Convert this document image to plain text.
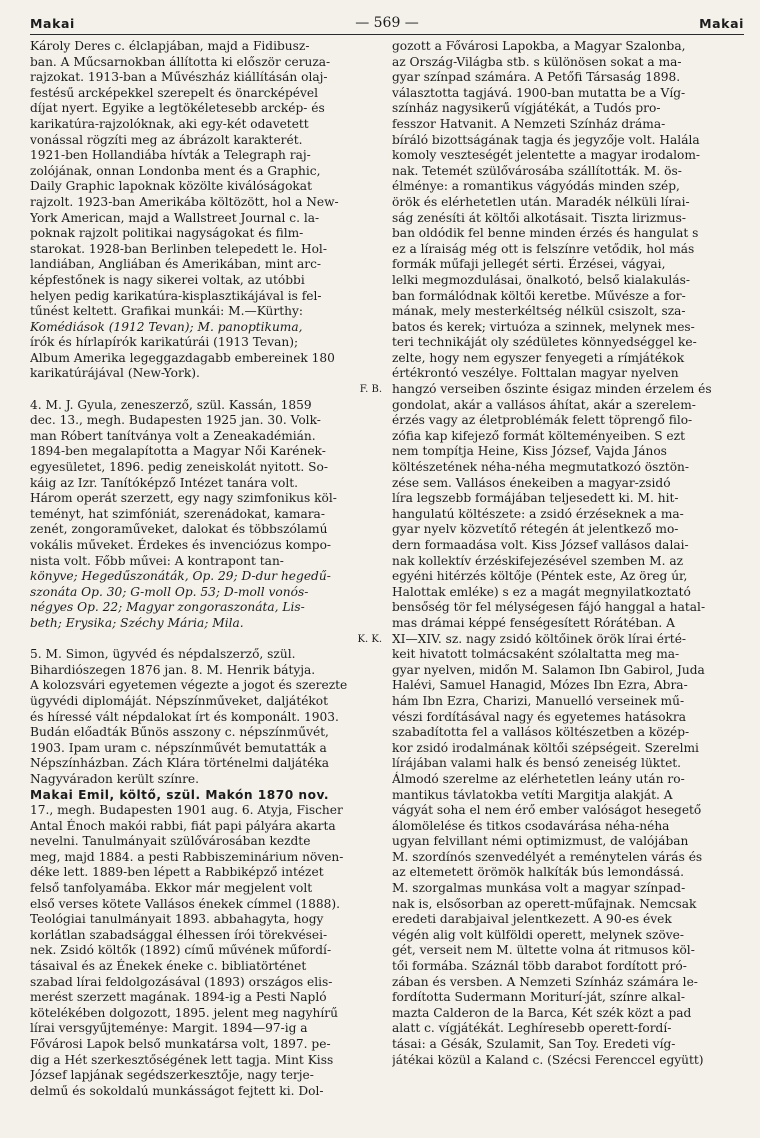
Makai	— 569 —	Makai
Károly Deres c. élclapjában, majd a Fidibusz-
ban. A Műcsarnokban állította ki először ceruza-
rajzokat. 1913-ban a Művészház kiállításán olaj-
festésű arcképekkel szerepelt és önarcképével
díjat nyert. Egyike a legtökéletesebb arckép- és
karikatúra-rajzolóknak, aki egy-két odavetett
vonással rögzíti meg az ábrázolt karakterét.
1921-ben Hollandiába hívták a Telegraph raj-
zolójának, onnan Londonba ment és a Graphic,
Daily Graphic lapoknak közölte kiválóságokat
rajzolt. 1923-ban Amerikába költözött, hol a New-
York American, majd a Wallstreet Journal c. la-
poknak rajzolt politikai nagyságokat és film-
starokat. 1928-ban Berlinben telepedett le. Hol-
landiában, Angliában és Amerikában, mint arc-
képfestőnek is nagy sikerei voltak, az utóbbi
helyen pedig karikatúra-kisplasztikájával is fel-
tűnést keltett. Grafikai munkái: M.—Kürthy:
Komédiások (1912 Tevan); M. panoptikuma,
írók és hírlapírók karikatúrái (1913 Tevan);
Album Amerika legeggazdagabb embereinek 180
karikatúrájával (New-York).
F. B.
4. M. J. Gyula, zeneszerző, szül. Kassán, 1859
dec. 13., megh. Budapesten 1925 jan. 30. Volk-
man Róbert tanítványa volt a Zeneakadémián.
1894-ben megalapította a Magyar Női Karének-
egyesületet, 1896. pedig zeneiskolát nyitott. So-
káig az Izr. Tanítóképző Intézet tanára volt.
Három operát szerzett, egy nagy szimfonikus köl-
teményt, hat szimfóniát, szerenádokat, kamara-
zenét, zongoraműveket, dalokat és többszólamú
vokális műveket. Érdekes és invenciózus kompo-
nista volt. Főbb művei: A kontrapont tan-
könyve; Hegedűszonáták, Op. 29; D-dur hegedű-
szonáta Op. 30; G-moll Op. 53; D-moll vonós-
négyes Op. 22; Magyar zongoraszonáta, Lis-
beth; Erysika; Széchy Mária; Mila.
K. K.
5. M. Simon, ügyvéd és népdalszerző, szül.
Bihardiószegen 1876 jan. 8. M. Henrik bátyja.
A kolozsvári egyetemen végezte a jogot és szerezte
ügyvédi diplomáját. Népszínműveket, daljátékot
és híressé vált népdalokat írt és komponált. 1903.
Budán előadták Bűnös asszony c. népszínművét,
1903. Ipam uram c. népszínművét bemutatták a
Népszínházban. Zách Klára történelmi daljátéka
Nagyváradon került színre.
Makai Emil, költő, szül. Makón 1870 nov.
17., megh. Budapesten 1901 aug. 6. Atyja, Fischer
Antal Énoch makói rabbi, fiát papi pályára akarta
nevelni. Tanulmányait szülővárosában kezdte
meg, majd 1884. a pesti Rabbiszeminárium növen-
déke lett. 1889-ben lépett a Rabbiképző intézet
felső tanfolyamába. Ekkor már megjelent volt
első verses kötete Vallásos énekek címmel (1888).
Teológiai tanulmányait 1893. abbahagyta, hogy
korlátlan szabadsággal élhessen írói törekvései-
nek. Zsidó költők (1892) című művének műfordí-
tásaival és az Énekek éneke c. bibliatörténet
szabad lírai feldolgozásával (1893) országos elis-
merést szerzett magának. 1894-ig a Pesti Napló
kötelékében dolgozott, 1895. jelent meg nagyhírű
lírai versgyűjteménye: Margit. 1894—97-ig a
Fővárosi Lapok belső munkatársa volt, 1897. pe-
dig a Hét szerkesztőségének lett tagja. Mint Kiss
József lapjának segédszerkesztője, nagy terje-
delmű és sokoldalú munkásságot fejtett ki. Dol-
gozott a Fővárosi Lapokba, a Magyar Szalonba,
az Ország-Világba stb. s különösen sokat a ma-
gyar színpad számára. A Petőfi Társaság 1898.
választotta tagjává. 1900-ban mutatta be a Víg-
színház nagysikerű vígjátékát, a Tudós pro-
fesszor Hatvanit. A Nemzeti Színház dráma-
bíráló bizottságának tagja és jegyzője volt. Halála
komoly veszteségét jelentette a magyar irodalom-
nak. Tetemét szülővárosába szállították. M. ös-
élménye: a romantikus vágyódás minden szép,
örök és elérhetetlen után. Maradék nélküli lírai-
ság zenésíti át költői alkotásait. Tiszta lirizmus-
ban oldódik fel benne minden érzés és hangulat s
ez a líraiság még ott is felszínre vetődik, hol más
formák műfaji jellegét sérti. Érzései, vágyai,
lelki megmozdulásai, önalkotó, belső kialakulás-
ban formálódnak költői keretbe. Művésze a for-
mának, mely mesterkéltség nélkül csiszolt, sza-
batos és kerek; virtuóza a szinnek, melynek mes-
teri technikáját oly szédületes könnyedséggel ke-
zelte, hogy nem egyszer fenyegeti a rímjátékok
értékrontó veszélye. Folttalan magyar nyelven
hangzó verseiben őszinte ésigaz minden érzelem és
gondolat, akár a vallásos áhítat, akár a szerelem-
érzés vagy az életproblémák felett töprengő filo-
zófia kap kifejező formát költeményeiben. S ezt
nem tompítja Heine, Kiss József, Vajda János
költészetének néha-néha megmutatkozó ösztön-
zése sem. Vallásos énekeiben a magyar-zsidó
líra legszebb formájában teljesedett ki. M. hit-
hangulatú költészete: a zsidó érzéseknek a ma-
gyar nyelv közvetítő rétegén át jelentkező mo-
dern formaadása volt. Kiss József vallásos dalai-
nak kollektív érzéskifejezésével szemben M. az
egyéni hitérzés költője (Péntek este, Az öreg úr,
Halottak emléke) s ez a magát megnyilatkoztató
bensőség tör fel mélységesen fájó hanggal a hatal-
mas drámai képpé fenségesített Rórátéban. A
XI—XIV. sz. nagy zsidó költőinek örök lírai érté-
keit hivatott tolmácsaként szólaltatta meg ma-
gyar nyelven, midőn M. Salamon Ibn Gabirol, Juda
Halévi, Samuel Hanagid, Mózes Ibn Ezra, Abra-
hám Ibn Ezra, Charizi, Manuelló verseinek mű-
vészi fordításával nagy és egyetemes hatásokra
szabadította fel a vallásos költészetben a közép-
kor zsidó irodalmának költői szépségeit. Szerelmi
lírájában valami halk és bensó zeneiség lüktet.
Álmodó szerelme az elérhetetlen leány után ro-
mantikus távlatokba vetíti Margitja alakját. A
vágyát soha el nem érő ember valóságot hesegető
álomölelése és titkos csodavárása néha-néha
ugyan felvillant némi optimizmust, de valójában
M. szordínós szenvedélyét a reménytelen várás és
az eltemetett örömök halkíták bús lemondássá.
M. szorgalmas munkása volt a magyar színpad-
nak is, elsősorban az operett-műfajnak. Nemcsak
eredeti darabjaival jelentkezett. A 90-es évek
végén alig volt külföldi operett, melynek szöve-
gét, verseit nem M. ültette volna át ritmusos köl-
tői formába. Száznál több darabot fordított pró-
zában és versben. A Nemzeti Színház számára le-
fordította Sudermann Moriturí-ját, színre alkal-
mazta Calderon de la Barca, Két szék közt a pad
alatt c. vígjátékát. Leghíresebb operett-fordí-
tásai: a Gésák, Szulamit, San Toy. Eredeti víg-
játékai közül a Kaland c. (Szécsi Ferenccel együtt)
